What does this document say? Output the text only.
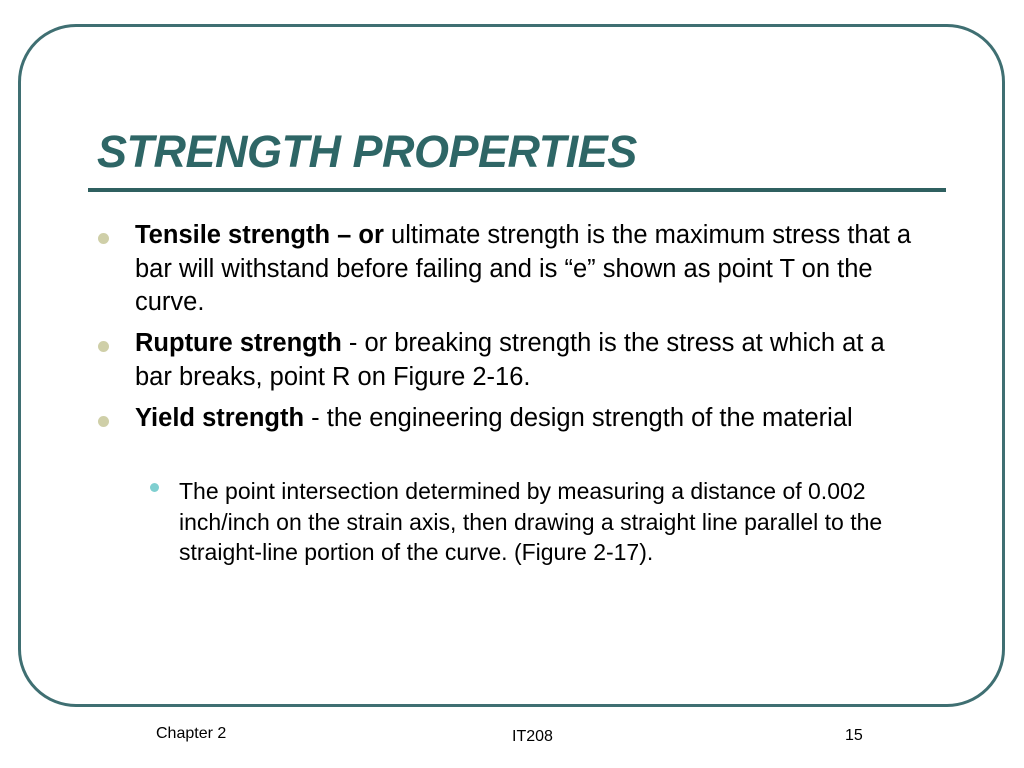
STRENGTH PROPERTIES
Tensile strength – or ultimate strength is the maximum stress that a bar will withstand before failing and is “e” shown as point T on the curve.
Rupture strength - or breaking strength is the stress at which at a bar breaks, point R on Figure 2-16.
Yield strength - the engineering design strength of the material
The point intersection determined by measuring a distance of 0.002 inch/inch on the strain axis, then drawing a straight line parallel to the straight-line portion of the curve. (Figure 2-17).
Chapter 2	IT208	15
